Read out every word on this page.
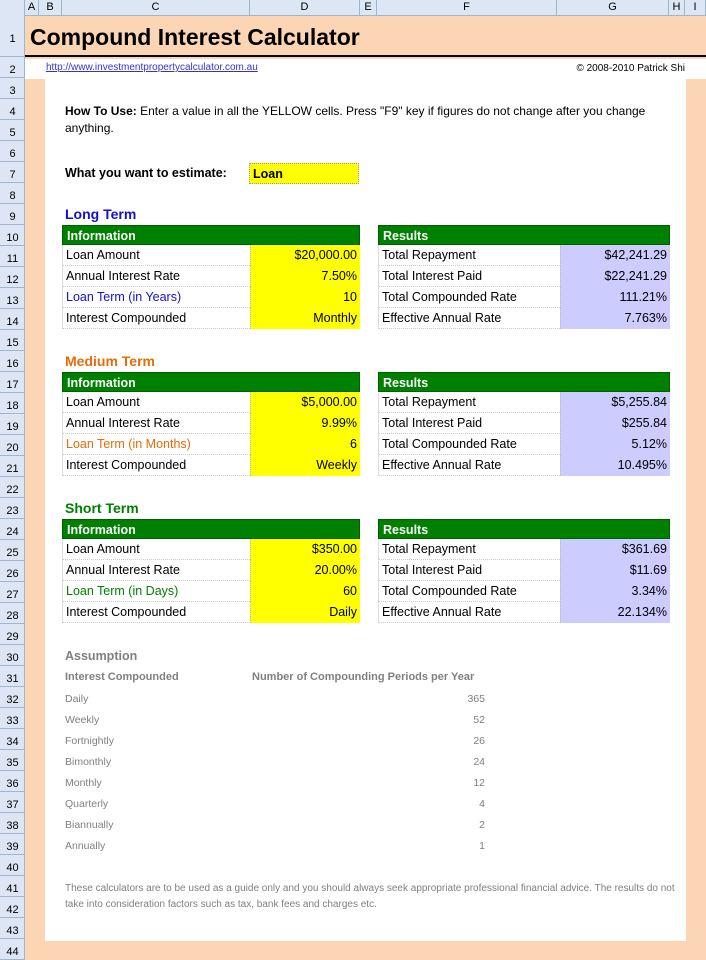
A	B	C	D	E	F	G	H	I
1
2
3
4
5
6
7
8
9
10
11
12
13
14
15
16
17
18
19
20
21
22
23
24
25
26
27
28
29
30
31
32
33
34
35
36
37
38
39
40
41
42
43
44
Compound Interest Calculator
http://www.investmentpropertycalculator.com.au	© 2008-2010 Patrick Shi
How To Use: Enter a value in all the YELLOW cells. Press "F9" key if figures do not change after you change anything.
What you want to estimate:	Loan
Long Term
Information
Loan Amount	$20,000.00
Annual Interest Rate	7.50%
Loan Term (in Years)	10
Interest Compounded	Monthly
Results
Total Repayment	$42,241.29
Total Interest Paid	$22,241.29
Total Compounded Rate	111.21%
Effective Annual Rate	7.763%
Medium Term
Information
Loan Amount	$5,000.00
Annual Interest Rate	9.99%
Loan Term (in Months)	6
Interest Compounded	Weekly
Results
Total Repayment	$5,255.84
Total Interest Paid	$255.84
Total Compounded Rate	5.12%
Effective Annual Rate	10.495%
Short Term
Information
Loan Amount	$350.00
Annual Interest Rate	20.00%
Loan Term (in Days)	60
Interest Compounded	Daily
Results
Total Repayment	$361.69
Total Interest Paid	$11.69
Total Compounded Rate	3.34%
Effective Annual Rate	22.134%
Assumption
Interest Compounded	Number of Compounding Periods per Year
Daily	365
Weekly	52
Fortnightly	26
Bimonthly	24
Monthly	12
Quarterly	4
Biannually	2
Annually	1
These calculators are to be used as a guide only and you should always seek appropriate professional financial advice. The results do not take into consideration factors such as tax, bank fees and charges etc.
